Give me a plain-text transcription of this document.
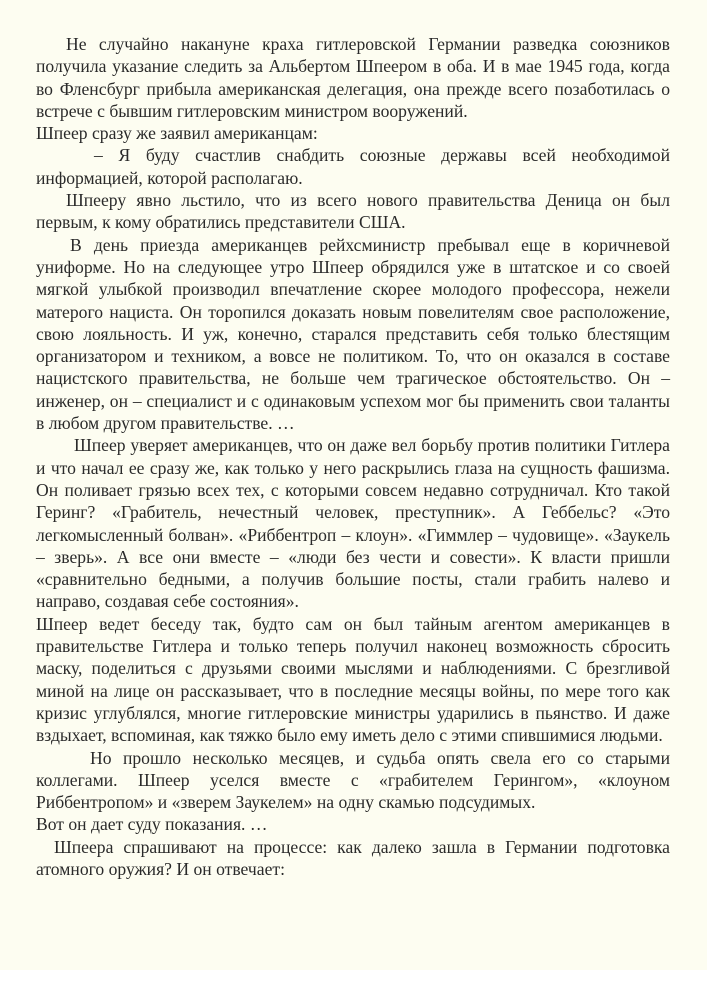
Не случайно накануне краха гитлеровской Германии разведка союзников получила указание следить за Альбертом Шпеером в оба. И в мае 1945 года, когда во Фленсбург прибыла американская делегация, она прежде всего позаботилась о встрече с бывшим гитлеровским министром вооружений.

Шпеер сразу же заявил американцам:

– Я буду счастлив снабдить союзные державы всей необходимой информацией, которой располагаю.

Шпееру явно льстило, что из всего нового правительства Деница он был первым, к кому обратились представители США.

В день приезда американцев рейхсминистр пребывал еще в коричневой униформе. Но на следующее утро Шпеер обрядился уже в штатское и со своей мягкой улыбкой производил впечатление скорее молодого профессора, нежели матерого нациста. Он торопился доказать новым повелителям свое расположение, свою лояльность. И уж, конечно, старался представить себя только блестящим организатором и техником, а вовсе не политиком. То, что он оказался в составе нацистского правительства, не больше чем трагическое обстоятельство. Он – инженер, он – специалист и с одинаковым успехом мог бы применить свои таланты в любом другом правительстве. …

Шпеер уверяет американцев, что он даже вел борьбу против политики Гитлера и что начал ее сразу же, как только у него раскрылись глаза на сущность фашизма. Он поливает грязью всех тех, с которыми совсем недавно сотрудничал. Кто такой Геринг? «Грабитель, нечестный человек, преступник». А Геббельс? «Это легкомысленный болван». «Риббентроп – клоун». «Гиммлер – чудовище». «Заукель – зверь». А все они вместе – «люди без чести и совести». К власти пришли «сравнительно бедными, а получив большие посты, стали грабить налево и направо, создавая себе состояния».

Шпеер ведет беседу так, будто сам он был тайным агентом американцев в правительстве Гитлера и только теперь получил наконец возможность сбросить маску, поделиться с друзьями своими мыслями и наблюдениями. С брезгливой миной на лице он рассказывает, что в последние месяцы войны, по мере того как кризис углублялся, многие гитлеровские министры ударились в пьянство. И даже вздыхает, вспоминая, как тяжко было ему иметь дело с этими спившимися людьми.

Но прошло несколько месяцев, и судьба опять свела его со старыми коллегами. Шпеер уселся вместе с «грабителем Герингом», «клоуном Риббентропом» и «зверем Заукелем» на одну скамью подсудимых.

Вот он дает суду показания. …

Шпеера спрашивают на процессе: как далеко зашла в Германии подготовка атомного оружия? И он отвечает:
